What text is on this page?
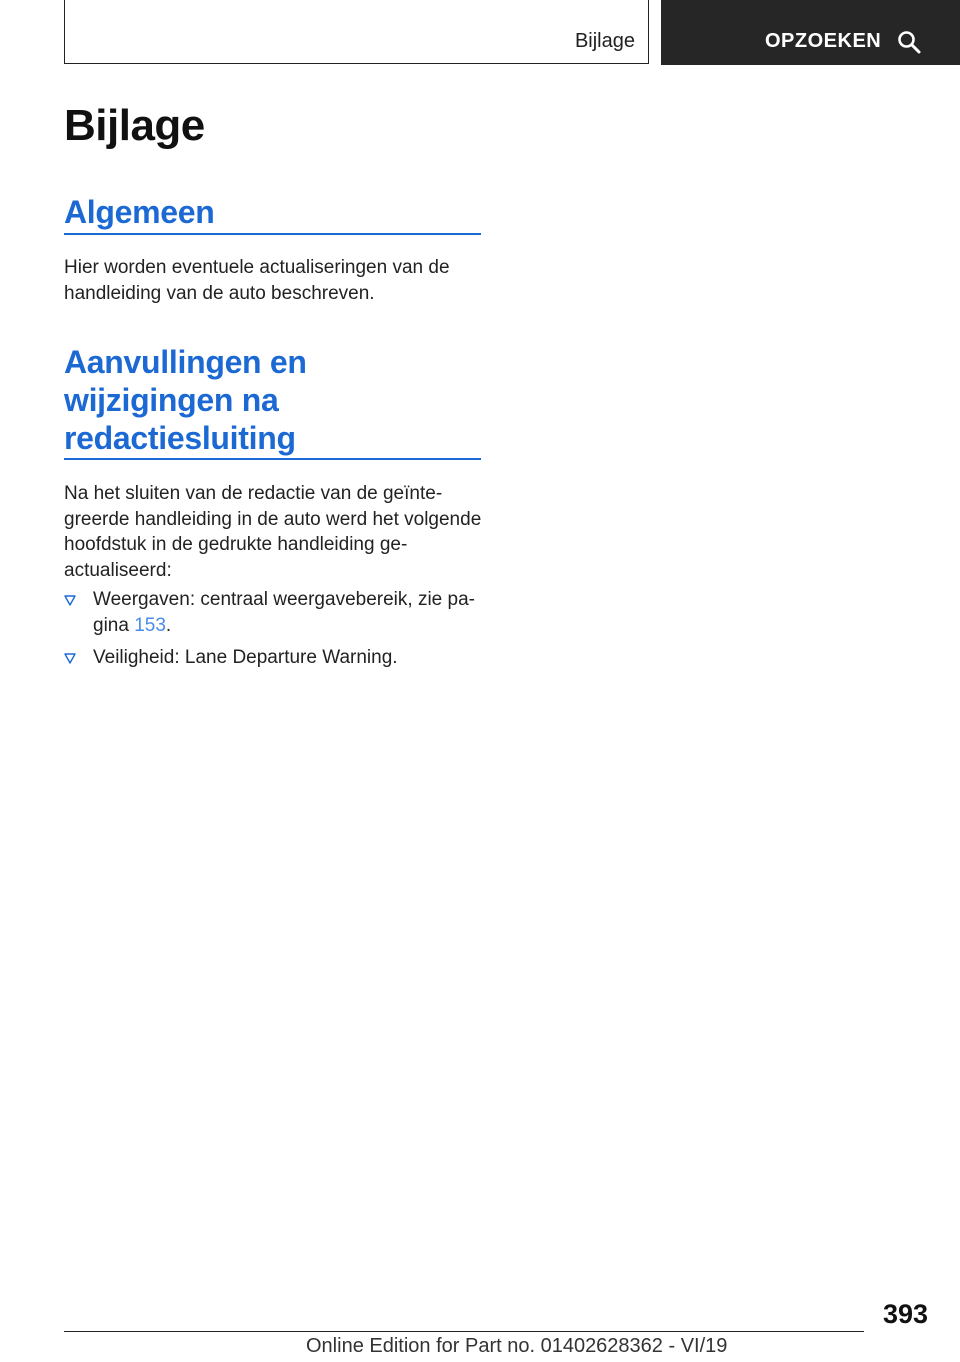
Bijlage	OPZOEKEN
Bijlage
Algemeen

Hier worden eventuele actualiseringen van de handleiding van de auto beschreven.

Aanvullingen en wijzigingen na redactiesluiting

Na het sluiten van de redactie van de geïntegreerde handleiding in de auto werd het volgende hoofdstuk in de gedrukte handleiding geactualiseerd:

Weergaven: centraal weergavebereik, zie pagina 153.
Veiligheid: Lane Departure Warning.
393
Online Edition for Part no. 01402628362 - VI/19
